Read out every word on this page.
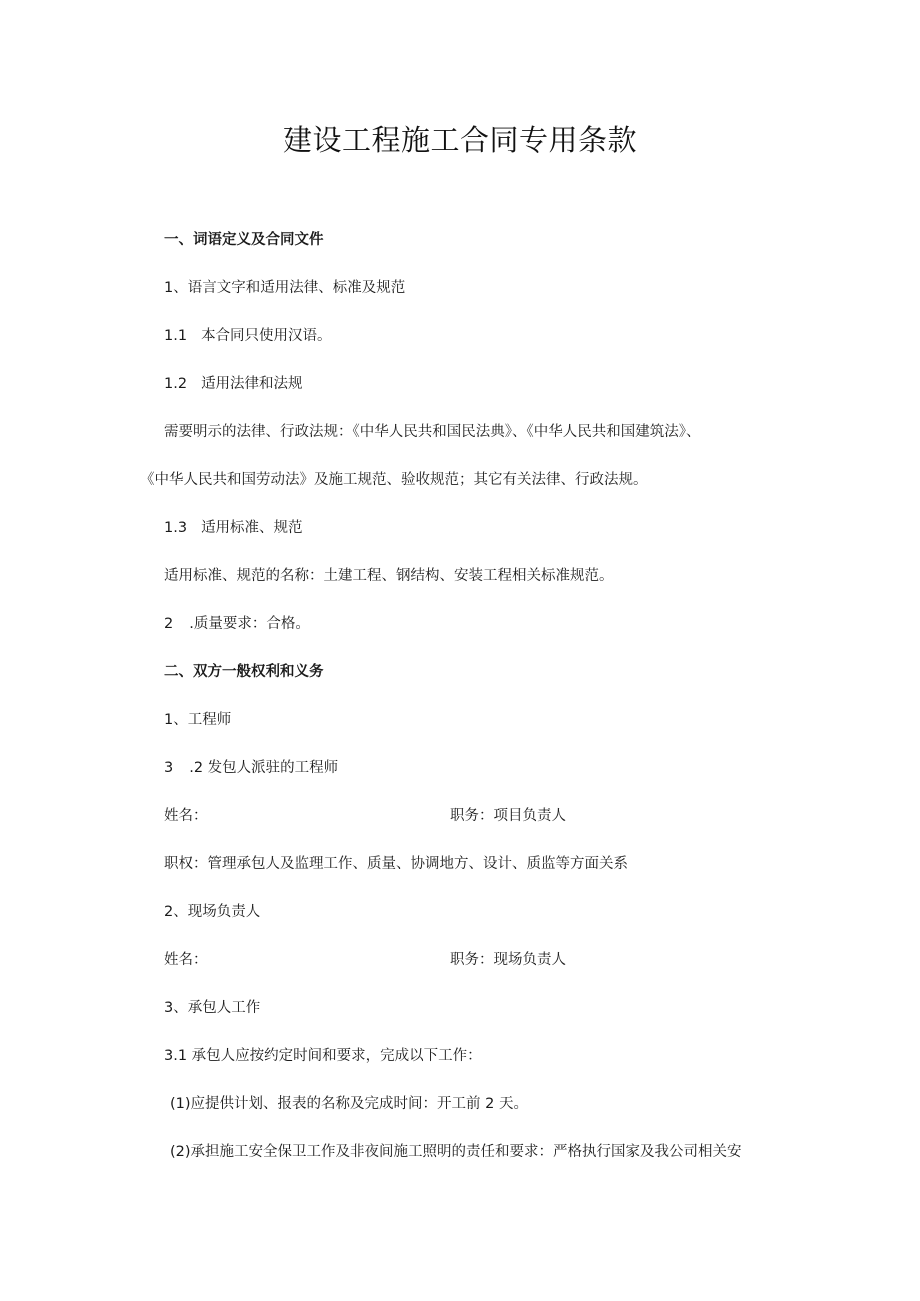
建设工程施工合同专用条款
一、词语定义及合同文件
1、语言文字和适用法律、标准及规范
1.1 本合同只使用汉语。
1.2 适用法律和法规
需要明示的法律、行政法规：《中华人民共和国民法典》、《中华人民共和国建筑法》、
《中华人民共和国劳动法》及施工规范、验收规范；其它有关法律、行政法规。
1.3 适用标准、规范
适用标准、规范的名称：土建工程、钢结构、安装工程相关标准规范。
2 .质量要求：合格。
二、双方一般权利和义务
1、工程师
3 .2 发包人派驻的工程师
姓名：	职务：项目负责人
职权：管理承包人及监理工作、质量、协调地方、设计、质监等方面关系
2、现场负责人
姓名：	职务：现场负责人
3、承包人工作
3.1 承包人应按约定时间和要求，完成以下工作：
(1)应提供计划、报表的名称及完成时间：开工前 2 天。
(2)承担施工安全保卫工作及非夜间施工照明的责任和要求：严格执行国家及我公司相关安
